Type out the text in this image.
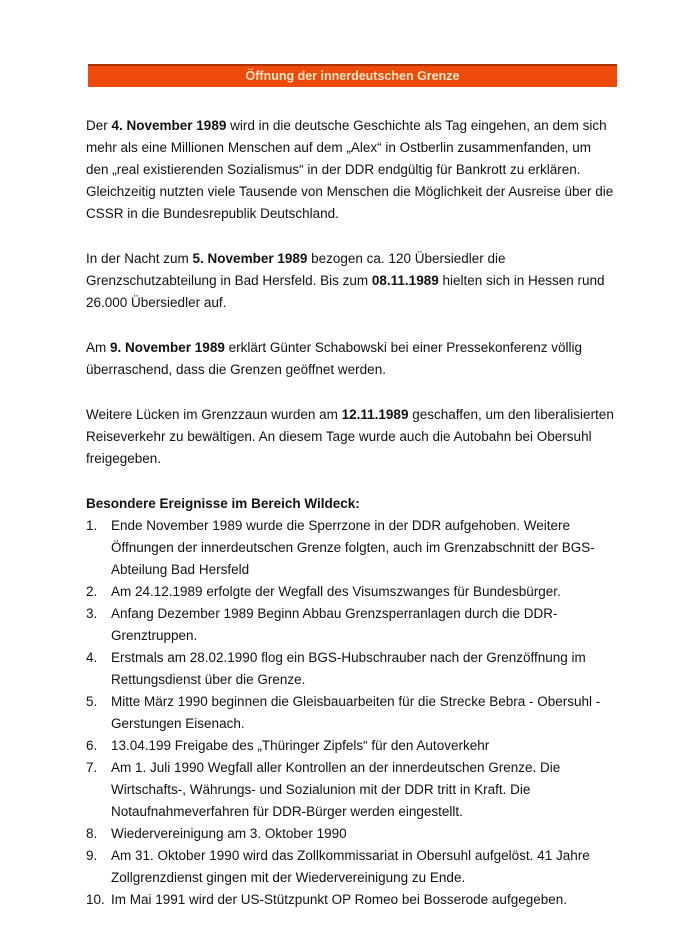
Öffnung der innerdeutschen Grenze

Der 4. November 1989 wird in die deutsche Geschichte als Tag eingehen, an dem sich mehr als eine Millionen Menschen auf dem „Alex“ in Ostberlin zusammenfanden, um den „real existierenden Sozialismus“ in der DDR endgültig für Bankrott zu erklären. Gleichzeitig nutzten viele Tausende von Menschen die Möglichkeit der Ausreise über die CSSR in die Bundesrepublik Deutschland.

In der Nacht zum 5. November 1989 bezogen ca. 120 Übersiedler die Grenzschutzabteilung in Bad Hersfeld. Bis zum 08.11.1989 hielten sich in Hessen rund 26.000 Übersiedler auf.

Am 9. November 1989 erklärt Günter Schabowski bei einer Pressekonferenz völlig überraschend, dass die Grenzen geöffnet werden.

Weitere Lücken im Grenzzaun wurden am 12.11.1989 geschaffen, um den liberalisierten Reiseverkehr zu bewältigen. An diesem Tage wurde auch die Autobahn bei Obersuhl freigegeben.

Besondere Ereignisse im Bereich Wildeck:

1.	Ende November 1989 wurde die Sperrzone in der DDR aufgehoben. Weitere Öffnungen der innerdeutschen Grenze folgten, auch im Grenzabschnitt der BGS-Abteilung Bad Hersfeld
2.	Am 24.12.1989 erfolgte der Wegfall des Visumszwanges für Bundesbürger.
3.	Anfang Dezember 1989 Beginn Abbau Grenzsperranlagen durch die DDR-Grenztruppen.
4.	Erstmals am 28.02.1990 flog ein BGS-Hubschrauber nach der Grenzöffnung im Rettungsdienst über die Grenze.
5.	Mitte März 1990 beginnen die Gleisbauarbeiten für die Strecke Bebra - Obersuhl - Gerstungen Eisenach.
6.	13.04.199 Freigabe des „Thüringer Zipfels“ für den Autoverkehr
7.	Am 1. Juli 1990 Wegfall aller Kontrollen an der innerdeutschen Grenze. Die Wirtschafts-, Währungs- und Sozialunion mit der DDR tritt in Kraft. Die Notaufnahmeverfahren für DDR-Bürger werden eingestellt.
8.	Wiedervereinigung am 3. Oktober 1990
9.	Am 31. Oktober 1990 wird das Zollkommissariat in Obersuhl aufgelöst. 41 Jahre Zollgrenzdienst gingen mit der Wiedervereinigung zu Ende.
10. Im Mai 1991 wird der US-Stützpunkt OP Romeo bei Bosserode aufgegeben.
